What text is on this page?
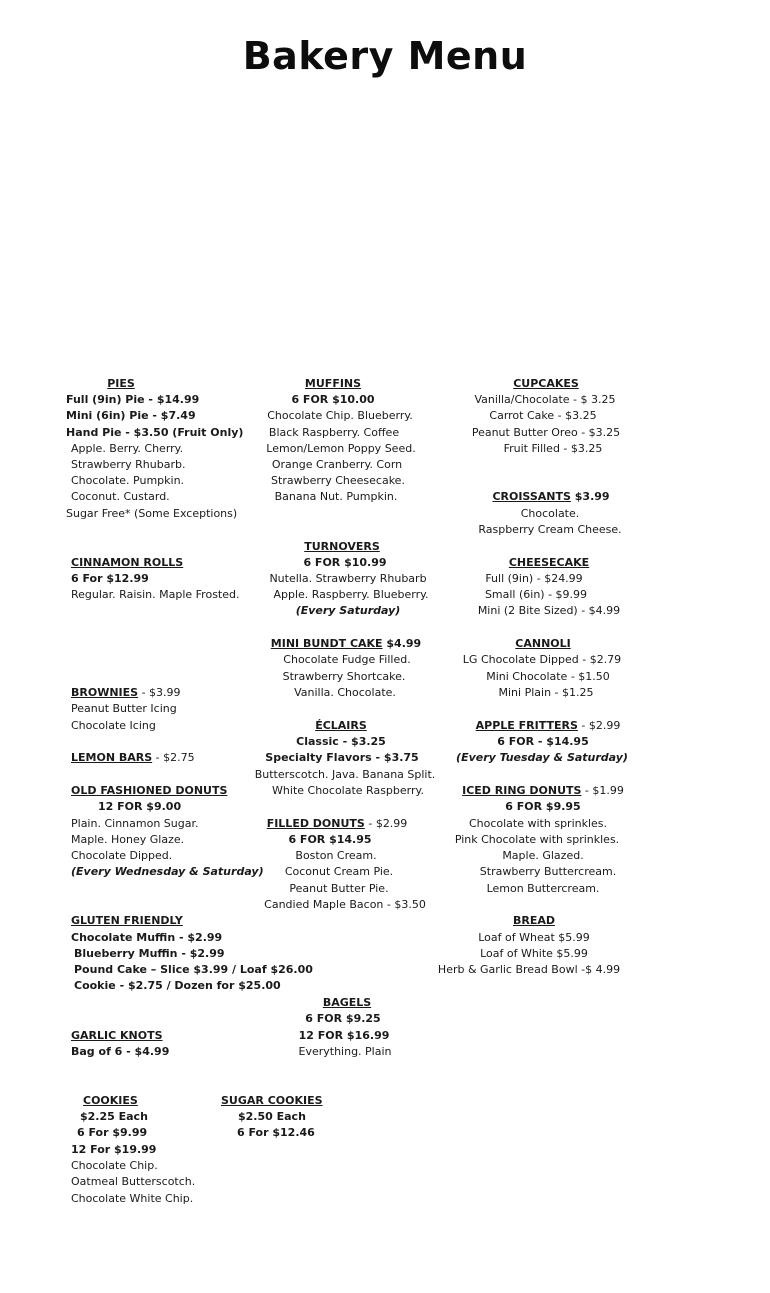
Bakery Menu
PIES
Full (9in) Pie - $14.99
Mini (6in) Pie - $7.49
Hand Pie - $3.50 (Fruit Only)
Apple. Berry. Cherry.
Strawberry Rhubarb.
Chocolate. Pumpkin.
Coconut. Custard.
Sugar Free* (Some Exceptions)
MUFFINS
6 FOR $10.00
Chocolate Chip. Blueberry.
Black Raspberry. Coffee
Lemon/Lemon Poppy Seed.
Orange Cranberry. Corn
Strawberry Cheesecake.
Banana Nut. Pumpkin.
CUPCAKES
Vanilla/Chocolate - $ 3.25
Carrot Cake - $3.25
Peanut Butter Oreo - $3.25
Fruit Filled - $3.25
CROISSANTS $3.99
Chocolate.
Raspberry Cream Cheese.
CINNAMON ROLLS
6 For $12.99
Regular. Raisin. Maple Frosted.
TURNOVERS
6 FOR $10.99
Nutella. Strawberry Rhubarb
Apple. Raspberry. Blueberry.
(Every Saturday)
CHEESECAKE
Full (9in) - $24.99
Small (6in) - $9.99
Mini (2 Bite Sized) - $4.99
MINI BUNDT CAKE $4.99
Chocolate Fudge Filled.
Strawberry Shortcake.
Vanilla. Chocolate.
CANNOLI
LG Chocolate Dipped - $2.79
Mini Chocolate - $1.50
Mini Plain - $1.25
BROWNIES - $3.99
Peanut Butter Icing
Chocolate Icing	ÉCLAIRS
Classic - $3.25
Specialty Flavors - $3.75
Butterscotch. Java. Banana Split.
White Chocolate Raspberry.
APPLE FRITTERS - $2.99
6 FOR - $14.95
(Every Tuesday & Saturday)
LEMON BARS - $2.75
OLD FASHIONED DONUTS
12 FOR $9.00
Plain. Cinnamon Sugar.
Maple. Honey Glaze.
Chocolate Dipped.
(Every Wednesday & Saturday)
FILLED DONUTS - $2.99
6 FOR $14.95
Boston Cream.
Coconut Cream Pie.
Peanut Butter Pie.
Candied Maple Bacon - $3.50
ICED RING DONUTS - $1.99
6 FOR $9.95
Chocolate with sprinkles.
Pink Chocolate with sprinkles.
Maple. Glazed.
Strawberry Buttercream.
Lemon Buttercream.
GLUTEN FRIENDLY
Chocolate Muffin - $2.99
Blueberry Muffin - $2.99
Pound Cake – Slice $3.99 / Loaf $26.00
Cookie - $2.75 / Dozen for $25.00
BREAD
Loaf of Wheat $5.99
Loaf of White $5.99
Herb & Garlic Bread Bowl -$ 4.99
BAGELS
6 FOR $9.25
12 FOR $16.99
Everything. Plain
GARLIC KNOTS
Bag of 6 - $4.99
COOKIES
$2.25 Each
6 For $9.99
12 For $19.99
Chocolate Chip.
Oatmeal Butterscotch.
Chocolate White Chip.
SUGAR COOKIES
$2.50 Each
6 For $12.46
